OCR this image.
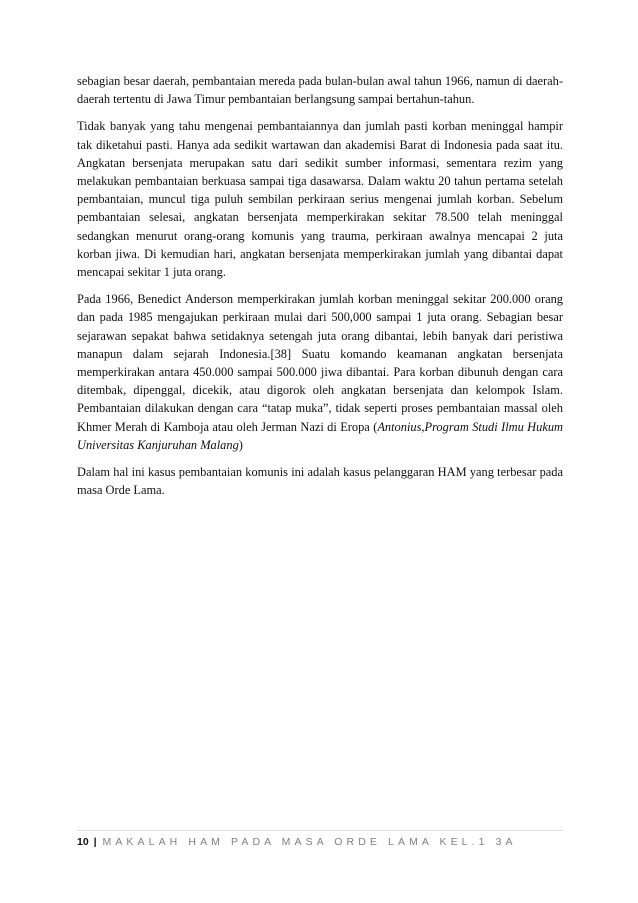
sebagian besar daerah, pembantaian mereda pada bulan-bulan awal tahun 1966, namun di daerah-daerah tertentu di Jawa Timur pembantaian berlangsung sampai bertahun-tahun.

Tidak banyak yang tahu mengenai pembantaiannya dan jumlah pasti korban meninggal hampir tak diketahui pasti. Hanya ada sedikit wartawan dan akademisi Barat di Indonesia pada saat itu. Angkatan bersenjata merupakan satu dari sedikit sumber informasi, sementara rezim yang melakukan pembantaian berkuasa sampai tiga dasawarsa. Dalam waktu 20 tahun pertama setelah pembantaian, muncul tiga puluh sembilan perkiraan serius mengenai jumlah korban. Sebelum pembantaian selesai, angkatan bersenjata memperkirakan sekitar 78.500 telah meninggal sedangkan menurut orang-orang komunis yang trauma, perkiraan awalnya mencapai 2 juta korban jiwa. Di kemudian hari, angkatan bersenjata memperkirakan jumlah yang dibantai dapat mencapai sekitar 1 juta orang.

Pada 1966, Benedict Anderson memperkirakan jumlah korban meninggal sekitar 200.000 orang dan pada 1985 mengajukan perkiraan mulai dari 500,000 sampai 1 juta orang. Sebagian besar sejarawan sepakat bahwa setidaknya setengah juta orang dibantai, lebih banyak dari peristiwa manapun dalam sejarah Indonesia.[38] Suatu komando keamanan angkatan bersenjata memperkirakan antara 450.000 sampai 500.000 jiwa dibantai. Para korban dibunuh dengan cara ditembak, dipenggal, dicekik, atau digorok oleh angkatan bersenjata dan kelompok Islam. Pembantaian dilakukan dengan cara “tatap muka”, tidak seperti proses pembantaian massal oleh Khmer Merah di Kamboja atau oleh Jerman Nazi di Eropa (Antonius,Program Studi Ilmu Hukum Universitas Kanjuruhan Malang)

Dalam hal ini kasus pembantaian komunis ini adalah kasus pelanggaran HAM yang terbesar pada masa Orde Lama.

10 | MAKALAH HAM PADA MASA ORDE LAMA KEL.1 3A
